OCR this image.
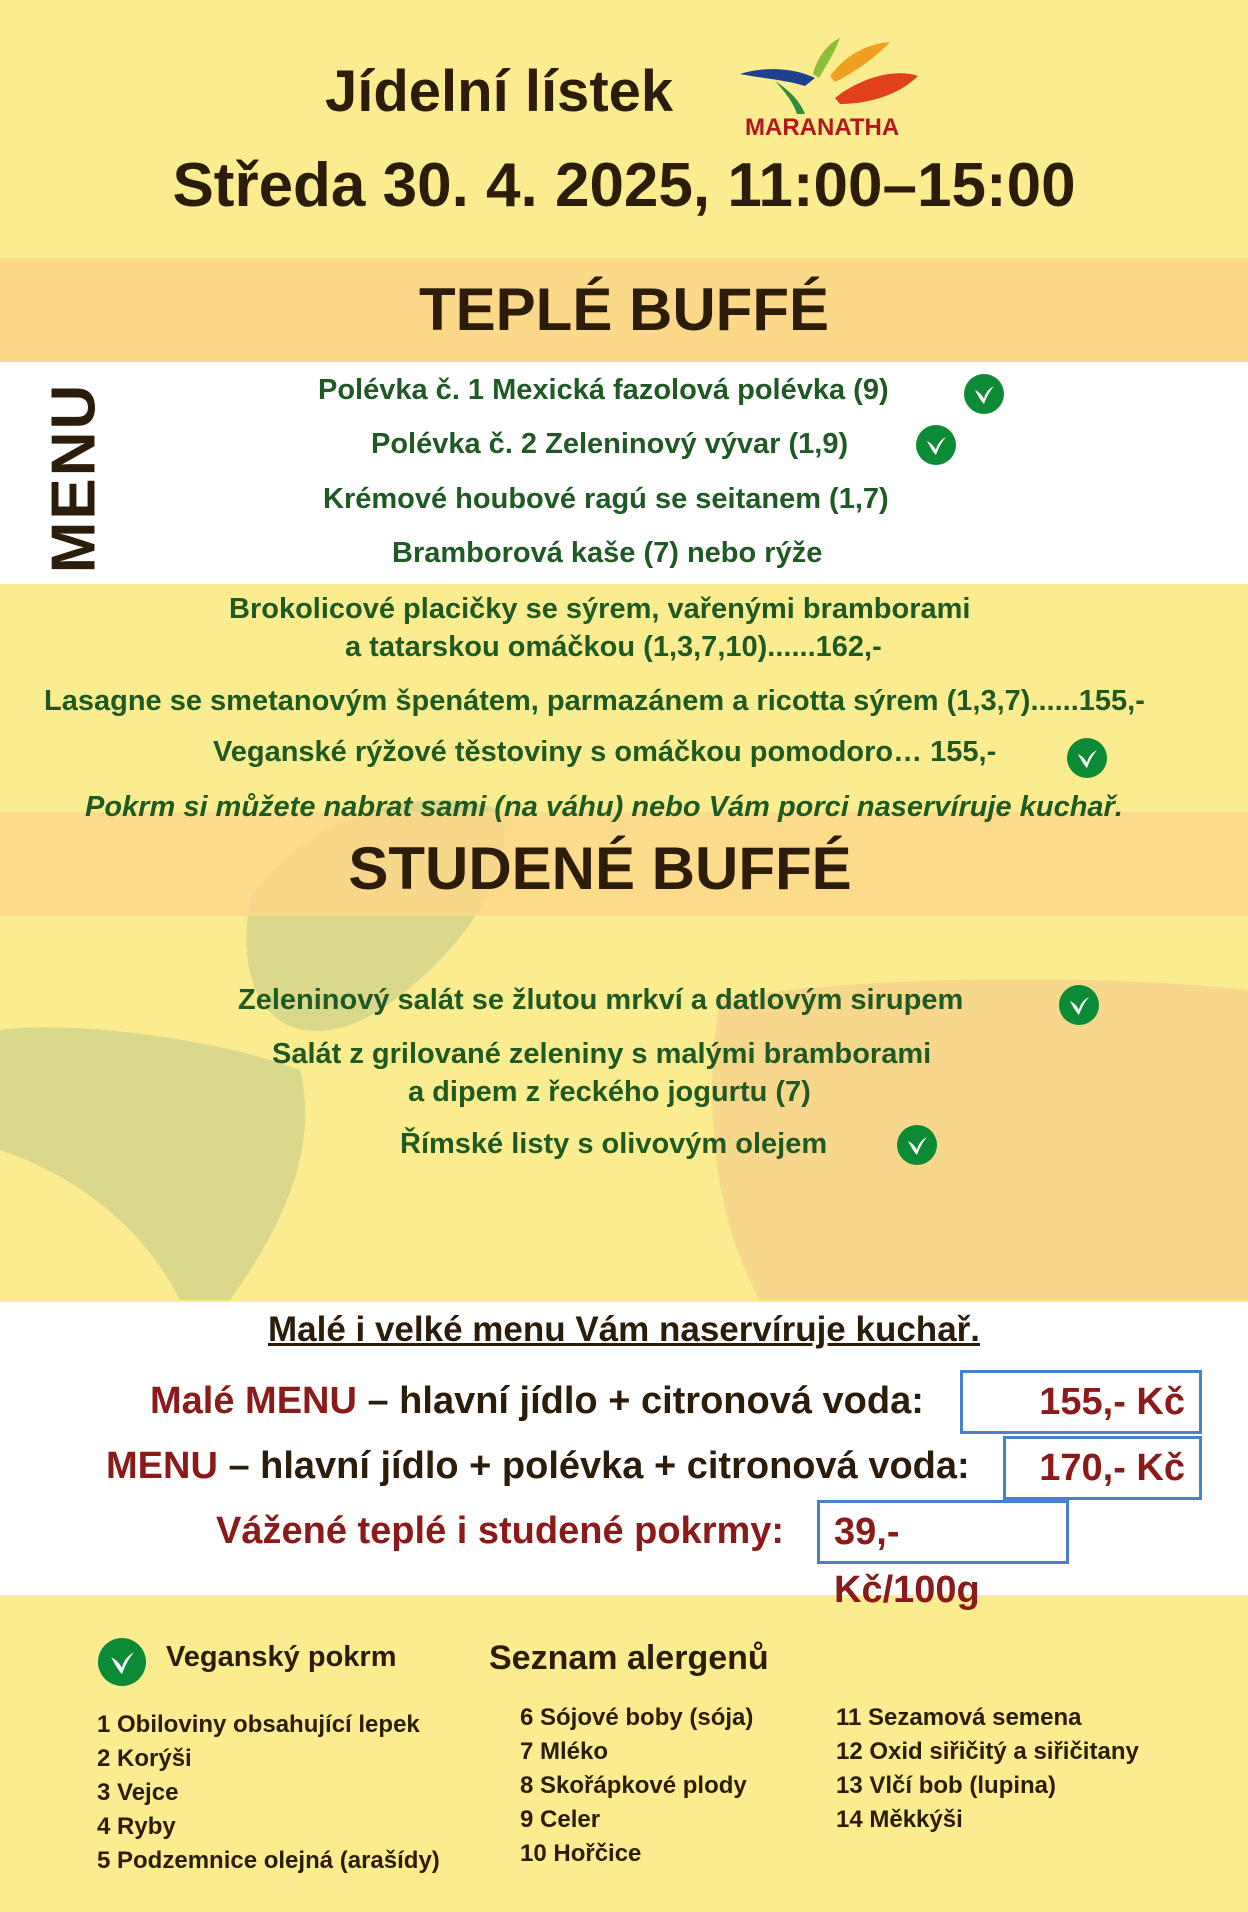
Jídelní lístek
MARANATHA
Středa 30. 4. 2025, 11:00–15:00
TEPLÉ BUFFÉ
MENU	Polévka č. 1 Mexická fazolová polévka (9)
Polévka č. 2 Zeleninový vývar (1,9)
Krémové houbové ragú se seitanem (1,7)
Bramborová kaše (7) nebo rýže
Brokolicové placičky se sýrem, vařenými bramborami
a tatarskou omáčkou (1,3,7,10)......162,-
Lasagne se smetanovým špenátem, parmazánem a ricotta sýrem (1,3,7)......155,-
Veganské rýžové těstoviny s omáčkou pomodoro… 155,-
Pokrm si můžete nabrat sami (na váhu) nebo Vám porci naservíruje kuchař.
STUDENÉ BUFFÉ
Zeleninový salát se žlutou mrkví a datlovým sirupem
Salát z grilované zeleniny s malými bramborami
a dipem z řeckého jogurtu (7)
Římské listy s olivovým olejem
Malé i velké menu Vám naservíruje kuchař.
Malé MENU – hlavní jídlo + citronová voda:	155,- Kč
MENU – hlavní jídlo + polévka + citronová voda:	170,- Kč
Vážené teplé i studené pokrmy:	39,- Kč/100g
Veganský pokrm	Seznam alergenů
1 Obiloviny obsahující lepek
2 Korýši
3 Vejce
4 Ryby
5 Podzemnice olejná (arašídy)
6 Sójové boby (sója)
7 Mléko
8 Skořápkové plody
9 Celer
10 Hořčice
11 Sezamová semena
12 Oxid siřičitý a siřičitany
13 Vlčí bob (lupina)
14 Měkkýši
